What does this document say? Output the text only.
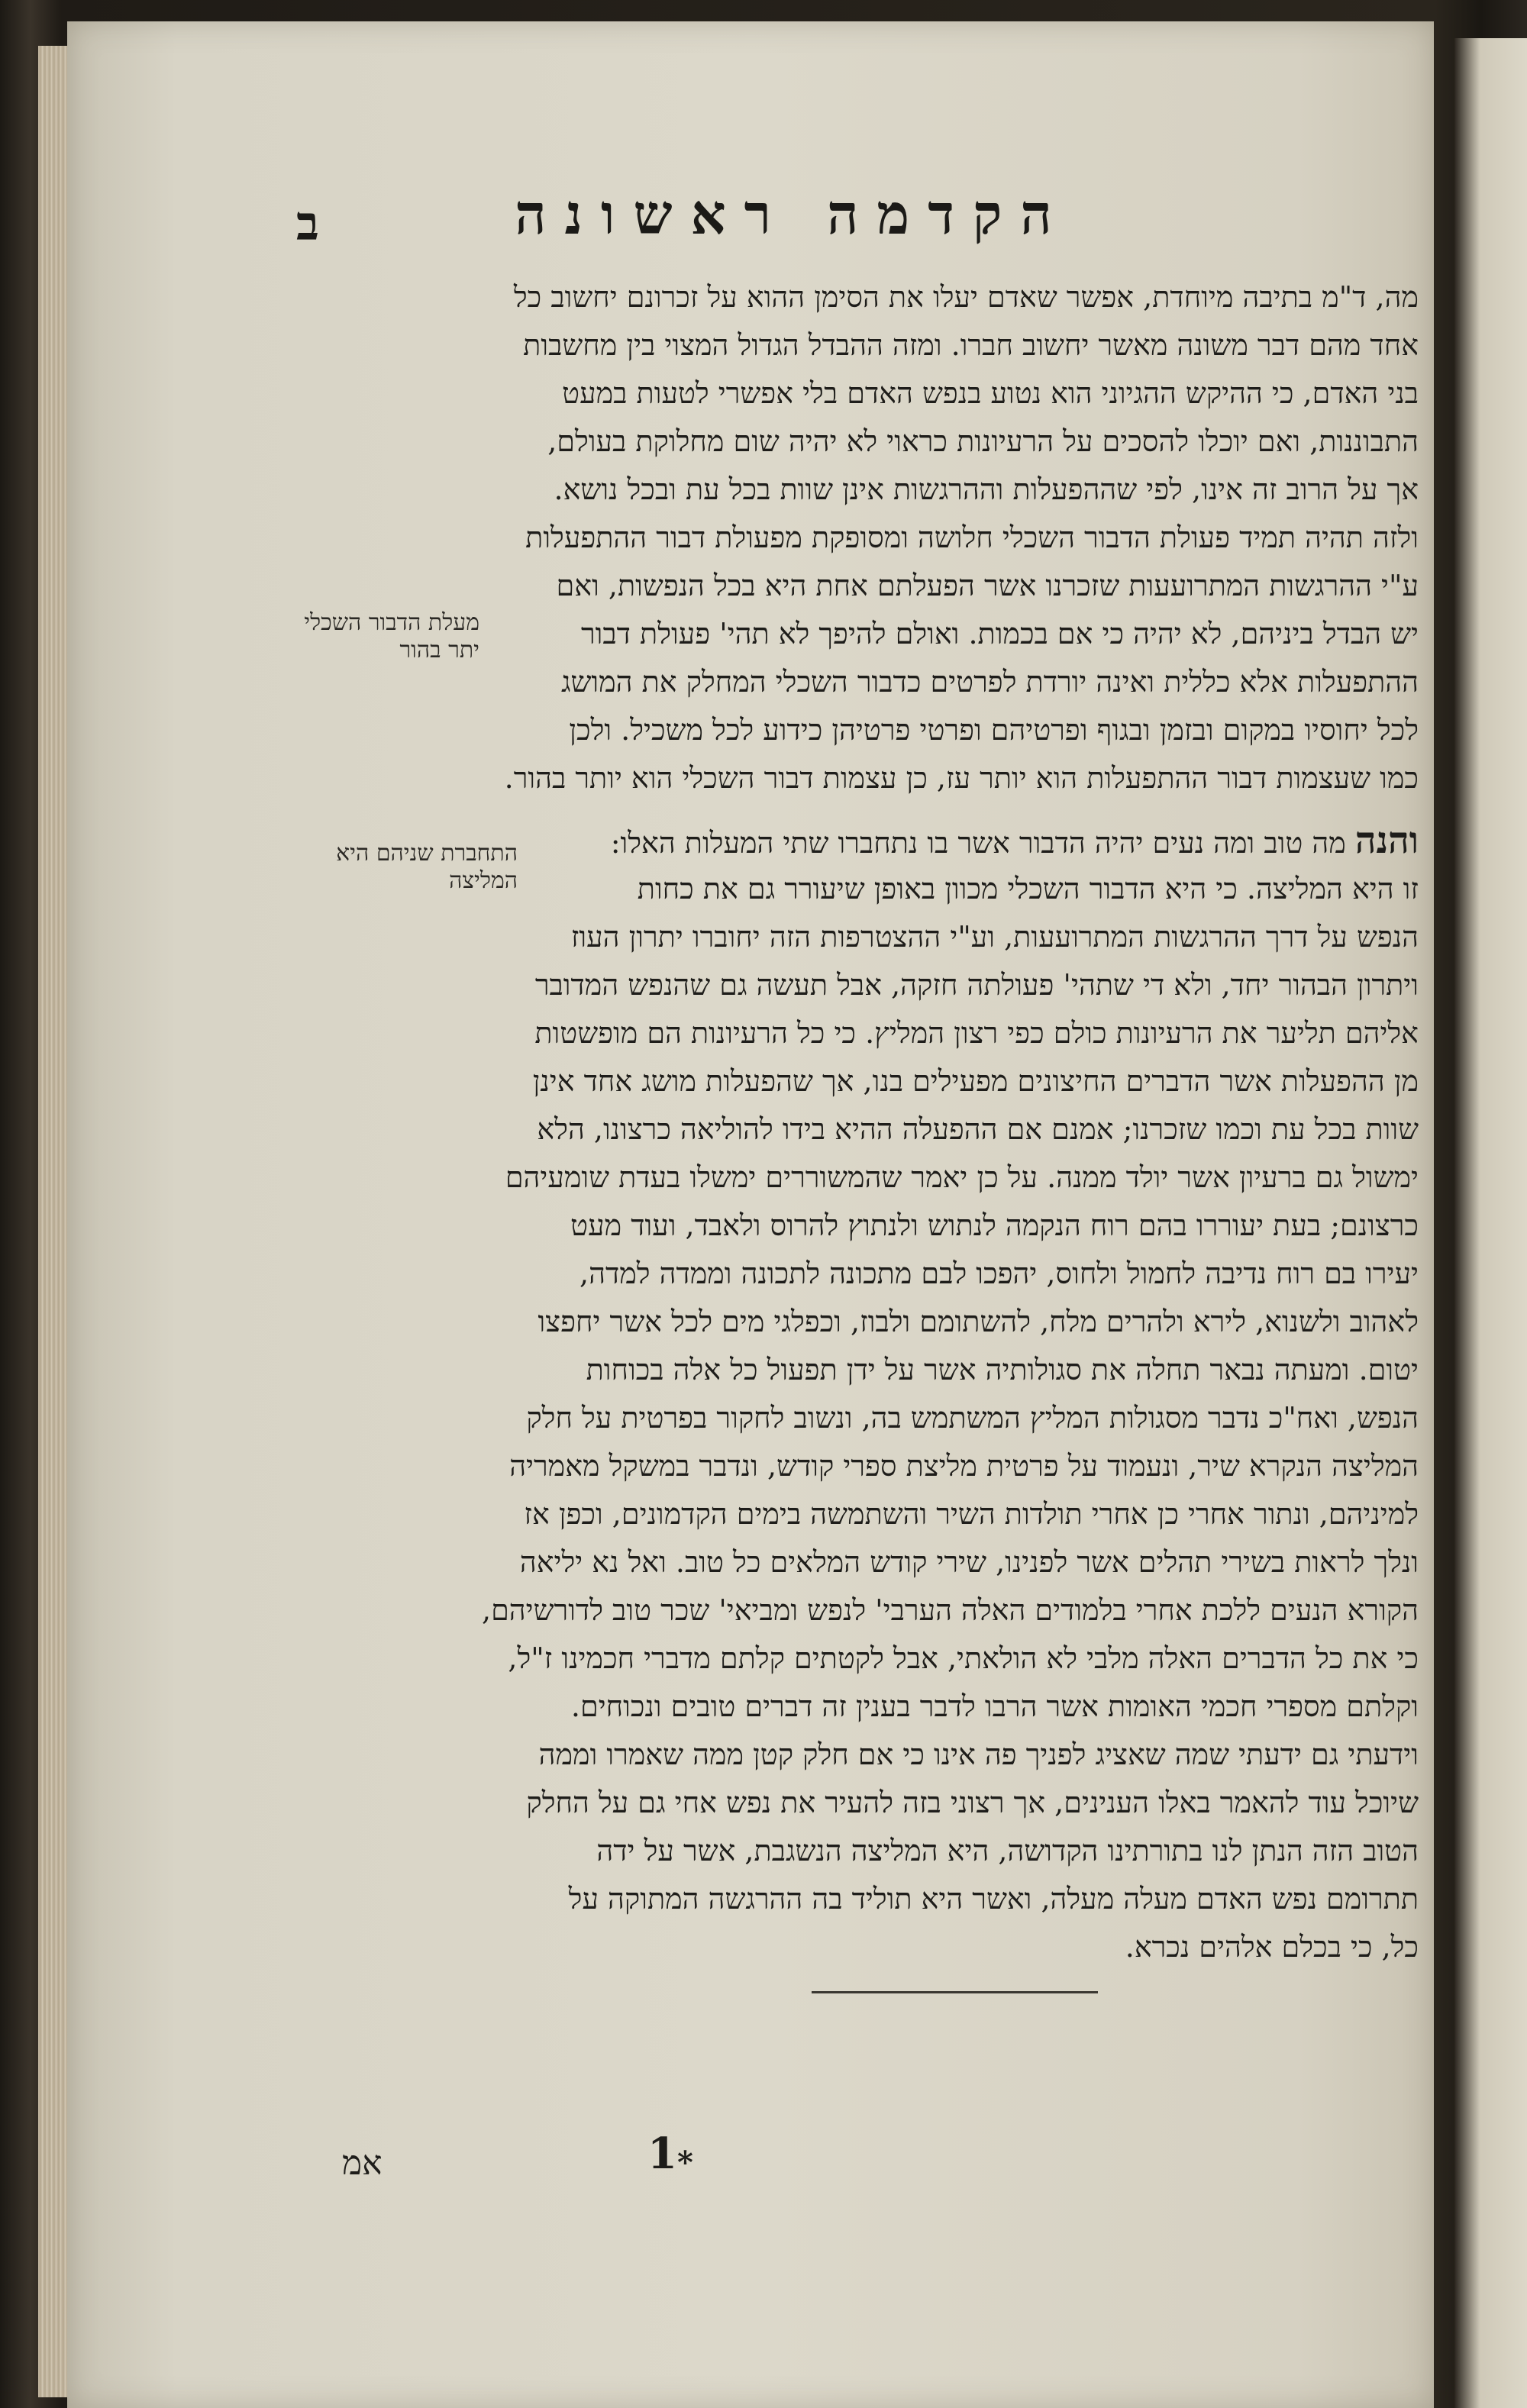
ב	הקדמה ראשונה
מה, ד"מ בתיבה מיוחדת, אפשר שאדם יעלו את הסימן ההוא על זכרונם יחשוב כל
אחד מהם דבר משונה מאשר יחשוב חברו. ומזה ההבדל הגדול המצוי בין מחשבות
בני האדם, כי ההיקש ההגיוני הוא נטוע בנפש האדם בלי אפשרי לטעות במעט
התבוננות, ואם יוכלו להסכים על הרעיונות כראוי לא יהיה שום מחלוקת בעולם,
אך על הרוב זה אינו, לפי שההפעלות וההרגשות אינן שוות בכל עת ובכל נושא.
ולזה תהיה תמיד פעולת הדבור השכלי חלושה ומסופקת מפעולת דבור ההתפעלות
ע"י ההרגשות המתרועעות שזכרנו אשר הפעלתם אחת היא בכל הנפשות, ואם
יש הבדל ביניהם, לא יהיה כי אם בכמות. ואולם להיפך לא תהי' פעולת דבור
ההתפעלות אלא כללית ואינה יורדת לפרטים כדבור השכלי המחלק את המושג
לכל יחוסיו במקום ובזמן ובגוף ופרטיהם ופרטי פרטיהן כידוע לכל משכיל. ולכן
כמו שעצמות דבור ההתפעלות הוא יותר עז, כן עצמות דבור השכלי הוא יותר בהור.
מעלת הדבור השכלי יתר בהור
התחברת שניהם היא המליצה
והנה מה טוב ומה נעים יהיה הדבור אשר בו נתחברו שתי המעלות האלו:
זו היא המליצה. כי היא הדבור השכלי מכוון באופן שיעורר גם את כחות
הנפש על דרך ההרגשות המתרועעות, וע"י ההצטרפות הזה יחוברו יתרון העוז
ויתרון הבהור יחד, ולא די שתהי' פעולתה חזקה, אבל תעשה גם שהנפש המדובר
אליהם תליער את הרעיונות כולם כפי רצון המליץ. כי כל הרעיונות הם מופשטות
מן ההפעלות אשר הדברים החיצונים מפעילים בנו, אך שהפעלות מושג אחד אינן
שוות בכל עת וכמו שזכרנו; אמנם אם ההפעלה ההיא בידו להוליאה כרצונו, הלא
ימשול גם ברעיון אשר יולד ממנה. על כן יאמר שהמשוררים ימשלו בעדת שומעיהם
כרצונם; בעת יעוררו בהם רוח הנקמה לנתוש ולנתוץ להרוס ולאבד, ועוד מעט
יעירו בם רוח נדיבה לחמול ולחוס, יהפכו לבם מתכונה לתכונה וממדה למדה,
לאהוב ולשנוא, לירא ולהרים מלח, להשתומם ולבוז, וכפלגי מים לכל אשר יחפצו
יטום. ומעתה נבאר תחלה את סגולותיה אשר על ידן תפעול כל אלה בכוחות
הנפש, ואח"כ נדבר מסגולות המליץ המשתמש בה, ונשוב לחקור בפרטית על חלק
המליצה הנקרא שיר, ונעמוד על פרטית מליצת ספרי קודש, ונדבר במשקל מאמריה
למיניהם, ונתור אחרי כן אחרי תולדות השיר והשתמשה בימים הקדמונים, וכפן אז
ונלך לראות בשירי תהלים אשר לפנינו, שירי קודש המלאים כל טוב. ואל נא יליאה
הקורא הנעים ללכת אחרי בלמודים האלה הערבי' לנפש ומביאי' שכר טוב לדורשיהם,
כי את כל הדברים האלה מלבי לא הולאתי, אבל לקטתים קלתם מדברי חכמינו ז"ל,
וקלתם מספרי חכמי האומות אשר הרבו לדבר בענין זה דברים טובים ונכוחים.
וידעתי גם ידעתי שמה שאציג לפניך פה אינו כי אם חלק קטן ממה שאמרו וממה
שיוכל עוד להאמר באלו הענינים, אך רצוני בזה להעיר את נפש אחי גם על החלק
הטוב הזה הנתן לנו בתורתינו הקדושה, היא המליצה הנשגבת, אשר על ידה
תתרומם נפש האדם מעלה מעלה, ואשר היא תוליד בה ההרגשה המתוקה על
כל, כי בכלם אלהים נכרא.
אמ	1*
